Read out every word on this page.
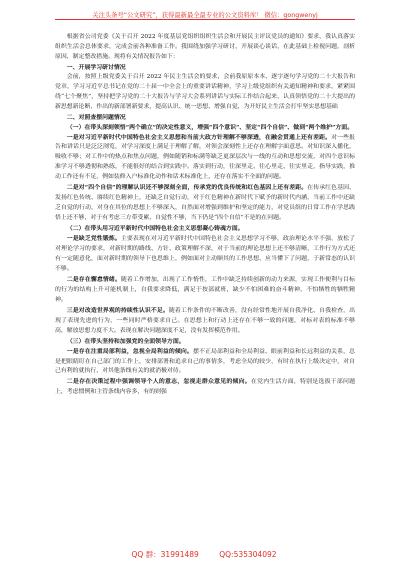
关注头条号“公文研究”，获得最新最全最专业的公文资料库！ 微信：gongwenyj

根据省公司党委《关于召开 2022 年度基层党组织组织生活会和开展民主评议党员的通知》要求，我认真落实组织生活会总体要求，完成会前各种准备工作。我围绕加强学习研讨，开展谈心谈话，在此基础上检视问题，剖析原因，制定整改措施。现将有关情况报告如下：

一、开展学习研讨情况

会前，按照上级党委关于召开 2022 年民主生活会的要求，会前我原原本本、逐字逐句学习党的二十大报告和党章，学习习近平总书记在党的二十届一中全会上的重要讲话精神，学习上级党组织有关通知精神和要求，紧紧围绕“七个聚焦”，坚持把学习党的二十大报告与学习大会系列讲话与实际工作结合起来，认真领悟党的二十大提出的新思想新论断、作出的新部署新要求，提高认识、统一思想、增强自觉，为开好民主生活会打牢坚实思想基础

二、对照查摆问题情况

（一）在带头深刻领悟“两个确立”的决定性意义，增强“四个意识”、坚定“四个自信”、做到“两个维护”方面。

一是对习近平新时代中国特色社会主义思想和当前大政方针理解不够深透，在融会贯通上还有差距。对一些报告和讲话只是泛泛浏览，对学习深度上满足于理解了解，对领会深刻性上还存在理解字面意思。对知识深入播化，吸收不够；对工作中的热点和焦点问题，例如随销和标满等缺乏更深层次与一线的互动和思想交流，对四个意识标准学习不够透彻和熟练，不能很好的结合到实践中。落实到行动，往深里走、往心里走、往实里走，指导实践，推动工作还有不足，例如装修入户标准化动作和话术标准化上，还存在落实不全面的问题。

二是对“四个自信”的理解认识还不够深刻全面，传承党的优良传统和红色基因上还有差距。在传承红色基因、发扬红色传统、赓续红色精神上，还缺乏自觉行动，对于红色精神在新时代下赋予的新时代内涵，当前工作中还缺乏自觉的行动，对身在其位的思想上不够深入，自然面对增强到维护和坚定的能力，对党员组的日常工作在学思践悟上还不够，对于有考虑三方带受累、自觉性不够，当下仍是“四个自信”不是的在问题。

（二）在带头用习近平新时代中国特色社会主义思想凝心铸魂方面。

一是缺乏党性锻炼。主要表现在对习近平新时代中国特色社会主义思想学习不够，政治理论水平不强，放松了对理论学习的要求，对新时期的路线、方针、政策理解不深，对于当前的理论思想上还不够清晰，工作行为方式还有一定随意化，面对新时期的领导下也思维上，例如面对主动顺其的工作思想，应当懂下了问题，于新常态的认识不够。

二是存在懈怠情绪。随着工作增加，出现了工作惰性，工作中缺乏持续创新的动力来源，实现工作便利与目标的行为的结构上升可能机制上，自我要求降低，满足于按部就班，缺少不怕困难的奋斗精神，不怕牺牲的牺牲精神。

三是对改造世界观的持续性认识不足。随着工作条件的不断改善，没有经常性地开展自我净化、自我检查，出现了表现先进的行为，一些同时严格要求自己。在思想上和行动上还存在不够一致的问题，对标对表的标准不够高，解放思想力度不大。表现在解决问题深度不足，没有发挥模范作用。

（三）在带头坚持和加强党的全面领导方面。

一是存在注重局部利益，忽视全局利益的倾向。摆不正局部利益和全局利益、眼前利益和长远利益的关系，总是把眼睛盯在自己部门的工作上，安排部署和追求自己的事情多，考虑全局的较少，有时在执行上级决定中，对自己有利的就执行，对其他条线有关的就消极对待。

二是存在决策过程中强调领导个人的意志，忽视走群众意见的倾向。在党内生活方面，特别是选拔干部问题上，考虑惯例和主管条线内容多，有的则强

QQ 群：31991489	QQ:535304092
